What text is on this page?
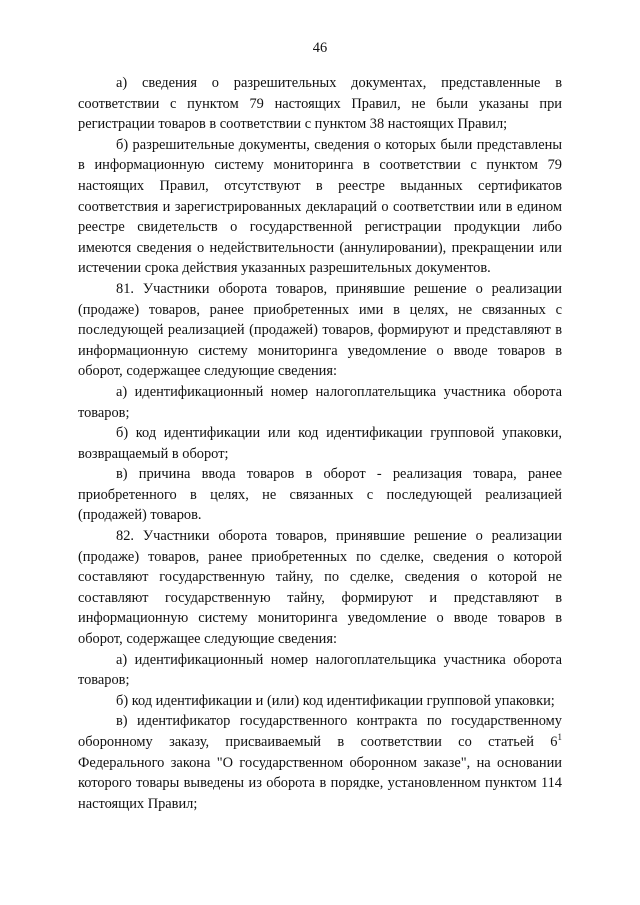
46

а) сведения о разрешительных документах, представленные в соответствии с пунктом 79 настоящих Правил, не были указаны при регистрации товаров в соответствии с пунктом 38 настоящих Правил;

б) разрешительные документы, сведения о которых были представлены в информационную систему мониторинга в соответствии с пунктом 79 настоящих Правил, отсутствуют в реестре выданных сертификатов соответствия и зарегистрированных деклараций о соответствии или в едином реестре свидетельств о государственной регистрации продукции либо имеются сведения о недействительности (аннулировании), прекращении или истечении срока действия указанных разрешительных документов.

81. Участники оборота товаров, принявшие решение о реализации (продаже) товаров, ранее приобретенных ими в целях, не связанных с последующей реализацией (продажей) товаров, формируют и представляют в информационную систему мониторинга уведомление о вводе товаров в оборот, содержащее следующие сведения:

а) идентификационный номер налогоплательщика участника оборота товаров;

б) код идентификации или код идентификации групповой упаковки, возвращаемый в оборот;

в) причина ввода товаров в оборот - реализация товара, ранее приобретенного в целях, не связанных с последующей реализацией (продажей) товаров.

82. Участники оборота товаров, принявшие решение о реализации (продаже) товаров, ранее приобретенных по сделке, сведения о которой составляют государственную тайну, по сделке, сведения о которой не составляют государственную тайну, формируют и представляют в информационную систему мониторинга уведомление о вводе товаров в оборот, содержащее следующие сведения:

а) идентификационный номер налогоплательщика участника оборота товаров;

б) код идентификации и (или) код идентификации групповой упаковки;

в) идентификатор государственного контракта по государственному оборонному заказу, присваиваемый в соответствии со статьей $6^1$ Федерального закона "О государственном оборонном заказе", на основании которого товары выведены из оборота в порядке, установленном пунктом 114 настоящих Правил;
